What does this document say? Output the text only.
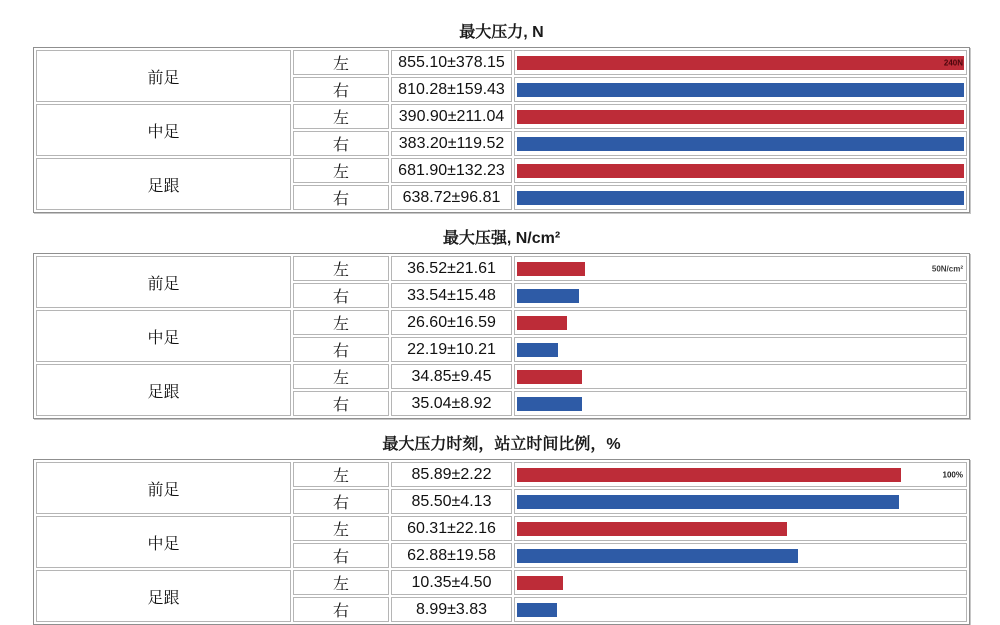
最大压力, N
前足	左	855.10±378.15	240N

	右	810.28±159.43	

中足	左	390.90±211.04	

	右	383.20±119.52	

足跟	左	681.90±132.23	

	右	638.72±96.81	
最大压强, N/cm²
前足	左	36.52±21.61	50N/cm²

	右	33.54±15.48	

中足	左	26.60±16.59	

	右	22.19±10.21	

足跟	左	34.85±9.45	

	右	35.04±8.92	
最大压力时刻，站立时间比例，%
前足	左	85.89±2.22	100%

	右	85.50±4.13	

中足	左	60.31±22.16	

	右	62.88±19.58	

足跟	左	10.35±4.50	

	右	8.99±3.83	
